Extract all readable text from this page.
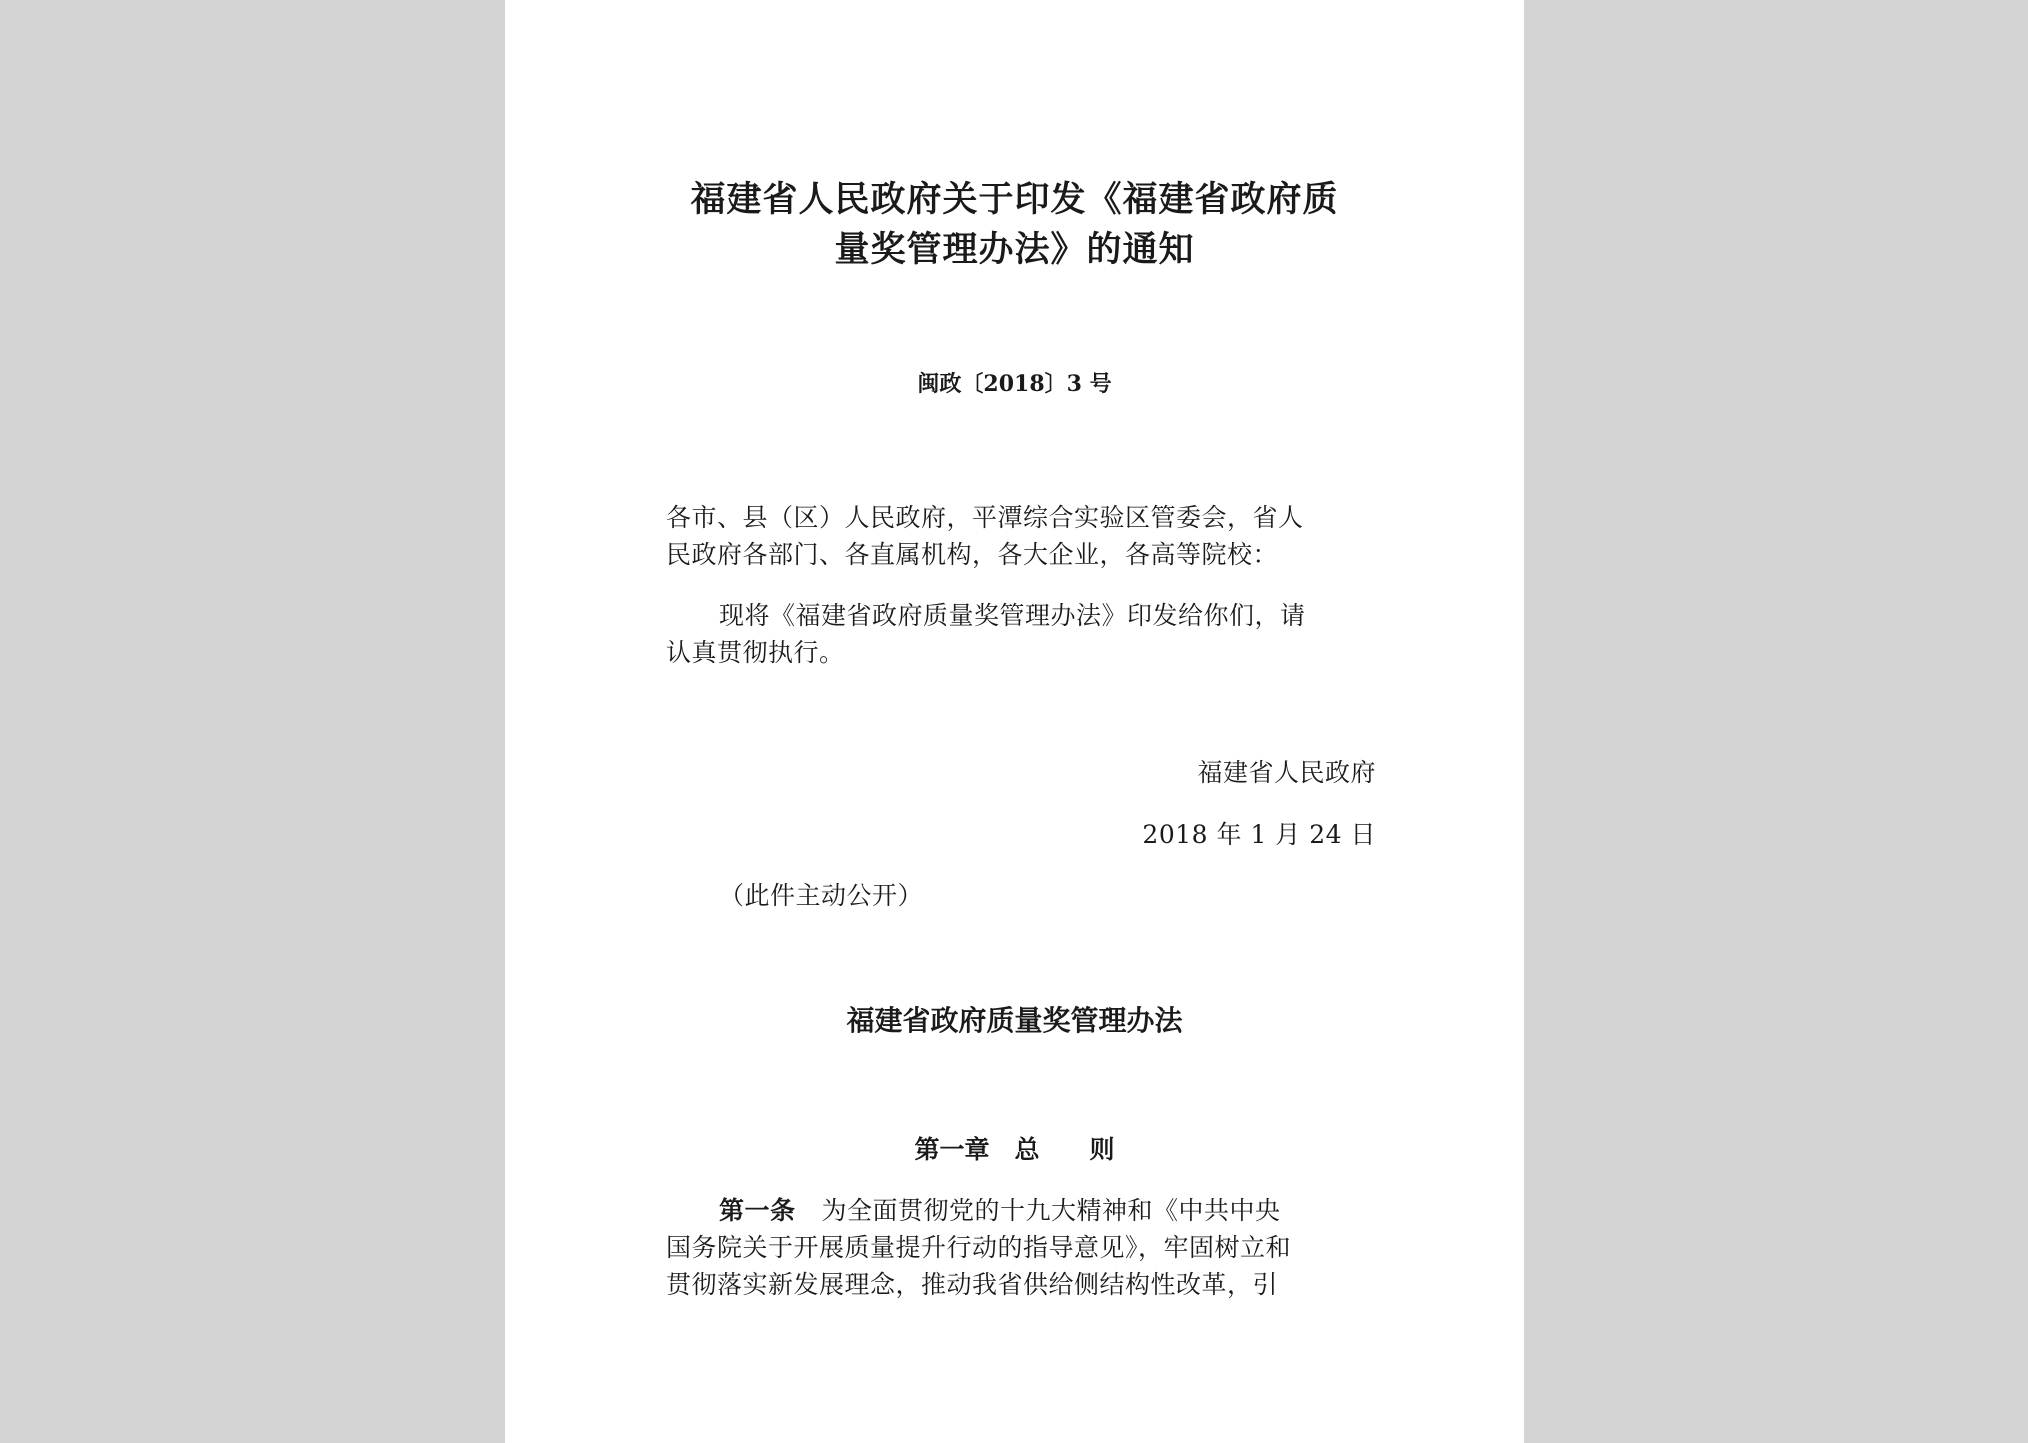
福建省人民政府关于印发《福建省政府质

量奖管理办法》的通知

闽政〔2018〕3 号

各市、县（区）人民政府，平潭综合实验区管委会，省人

民政府各部门、各直属机构，各大企业，各高等院校：

现将《福建省政府质量奖管理办法》印发给你们，请

认真贯彻执行。

福建省人民政府

2018 年 1 月 24 日

（此件主动公开）

福建省政府质量奖管理办法

第一章　总　　则

第一条 为全面贯彻党的十九大精神和《中共中央

国务院关于开展质量提升行动的指导意见》，牢固树立和

贯彻落实新发展理念，推动我省供给侧结构性改革，引
